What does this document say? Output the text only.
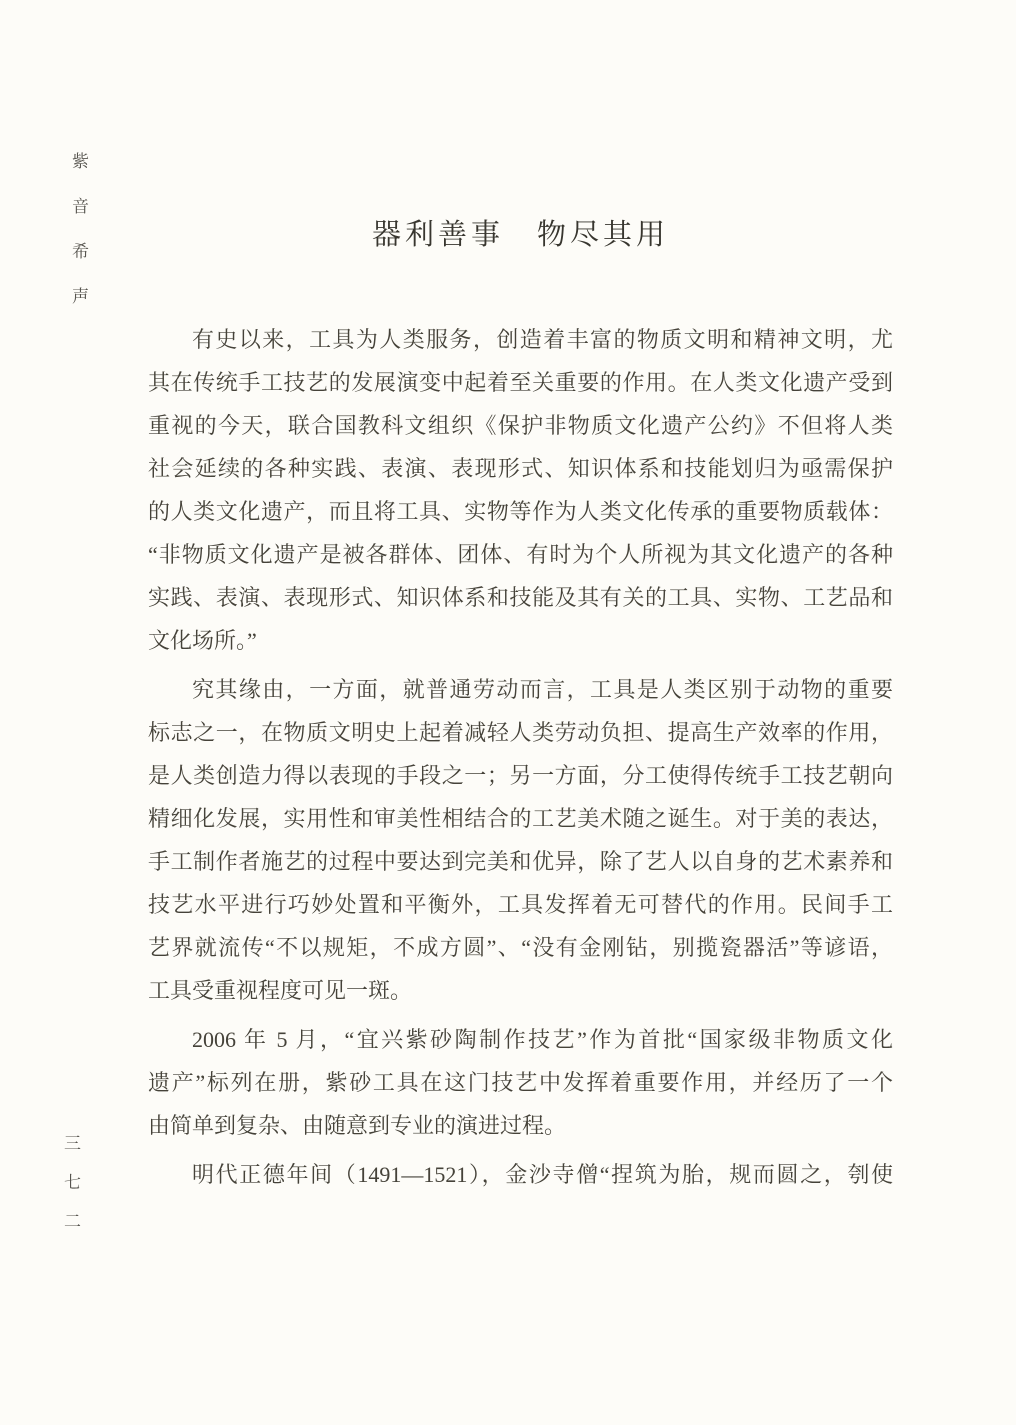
紫音希声	器利善事　物尽其用
有史以来，工具为人类服务，创造着丰富的物质文明和精神文明，尤
其在传统手工技艺的发展演变中起着至关重要的作用。在人类文化遗产受到
重视的今天，联合国教科文组织《保护非物质文化遗产公约》不但将人类
社会延续的各种实践、表演、表现形式、知识体系和技能划归为亟需保护
的人类文化遗产，而且将工具、实物等作为人类文化传承的重要物质载体：
“非物质文化遗产是被各群体、团体、有时为个人所视为其文化遗产的各种
实践、表演、表现形式、知识体系和技能及其有关的工具、实物、工艺品和
文化场所。”
究其缘由，一方面，就普通劳动而言，工具是人类区别于动物的重要
标志之一，在物质文明史上起着减轻人类劳动负担、提高生产效率的作用，
是人类创造力得以表现的手段之一；另一方面，分工使得传统手工技艺朝向
精细化发展，实用性和审美性相结合的工艺美术随之诞生。对于美的表达，
手工制作者施艺的过程中要达到完美和优异，除了艺人以自身的艺术素养和
技艺水平进行巧妙处置和平衡外，工具发挥着无可替代的作用。民间手工
艺界就流传“不以规矩，不成方圆”、“没有金刚钻，别揽瓷器活”等谚语，
工具受重视程度可见一斑。
2006 年 5 月，“宜兴紫砂陶制作技艺”作为首批“国家级非物质文化
遗产”标列在册，紫砂工具在这门技艺中发挥着重要作用，并经历了一个
由简单到复杂、由随意到专业的演进过程。
明代正德年间（1491—1521），金沙寺僧“捏筑为胎，规而圆之，刳使
三七二
